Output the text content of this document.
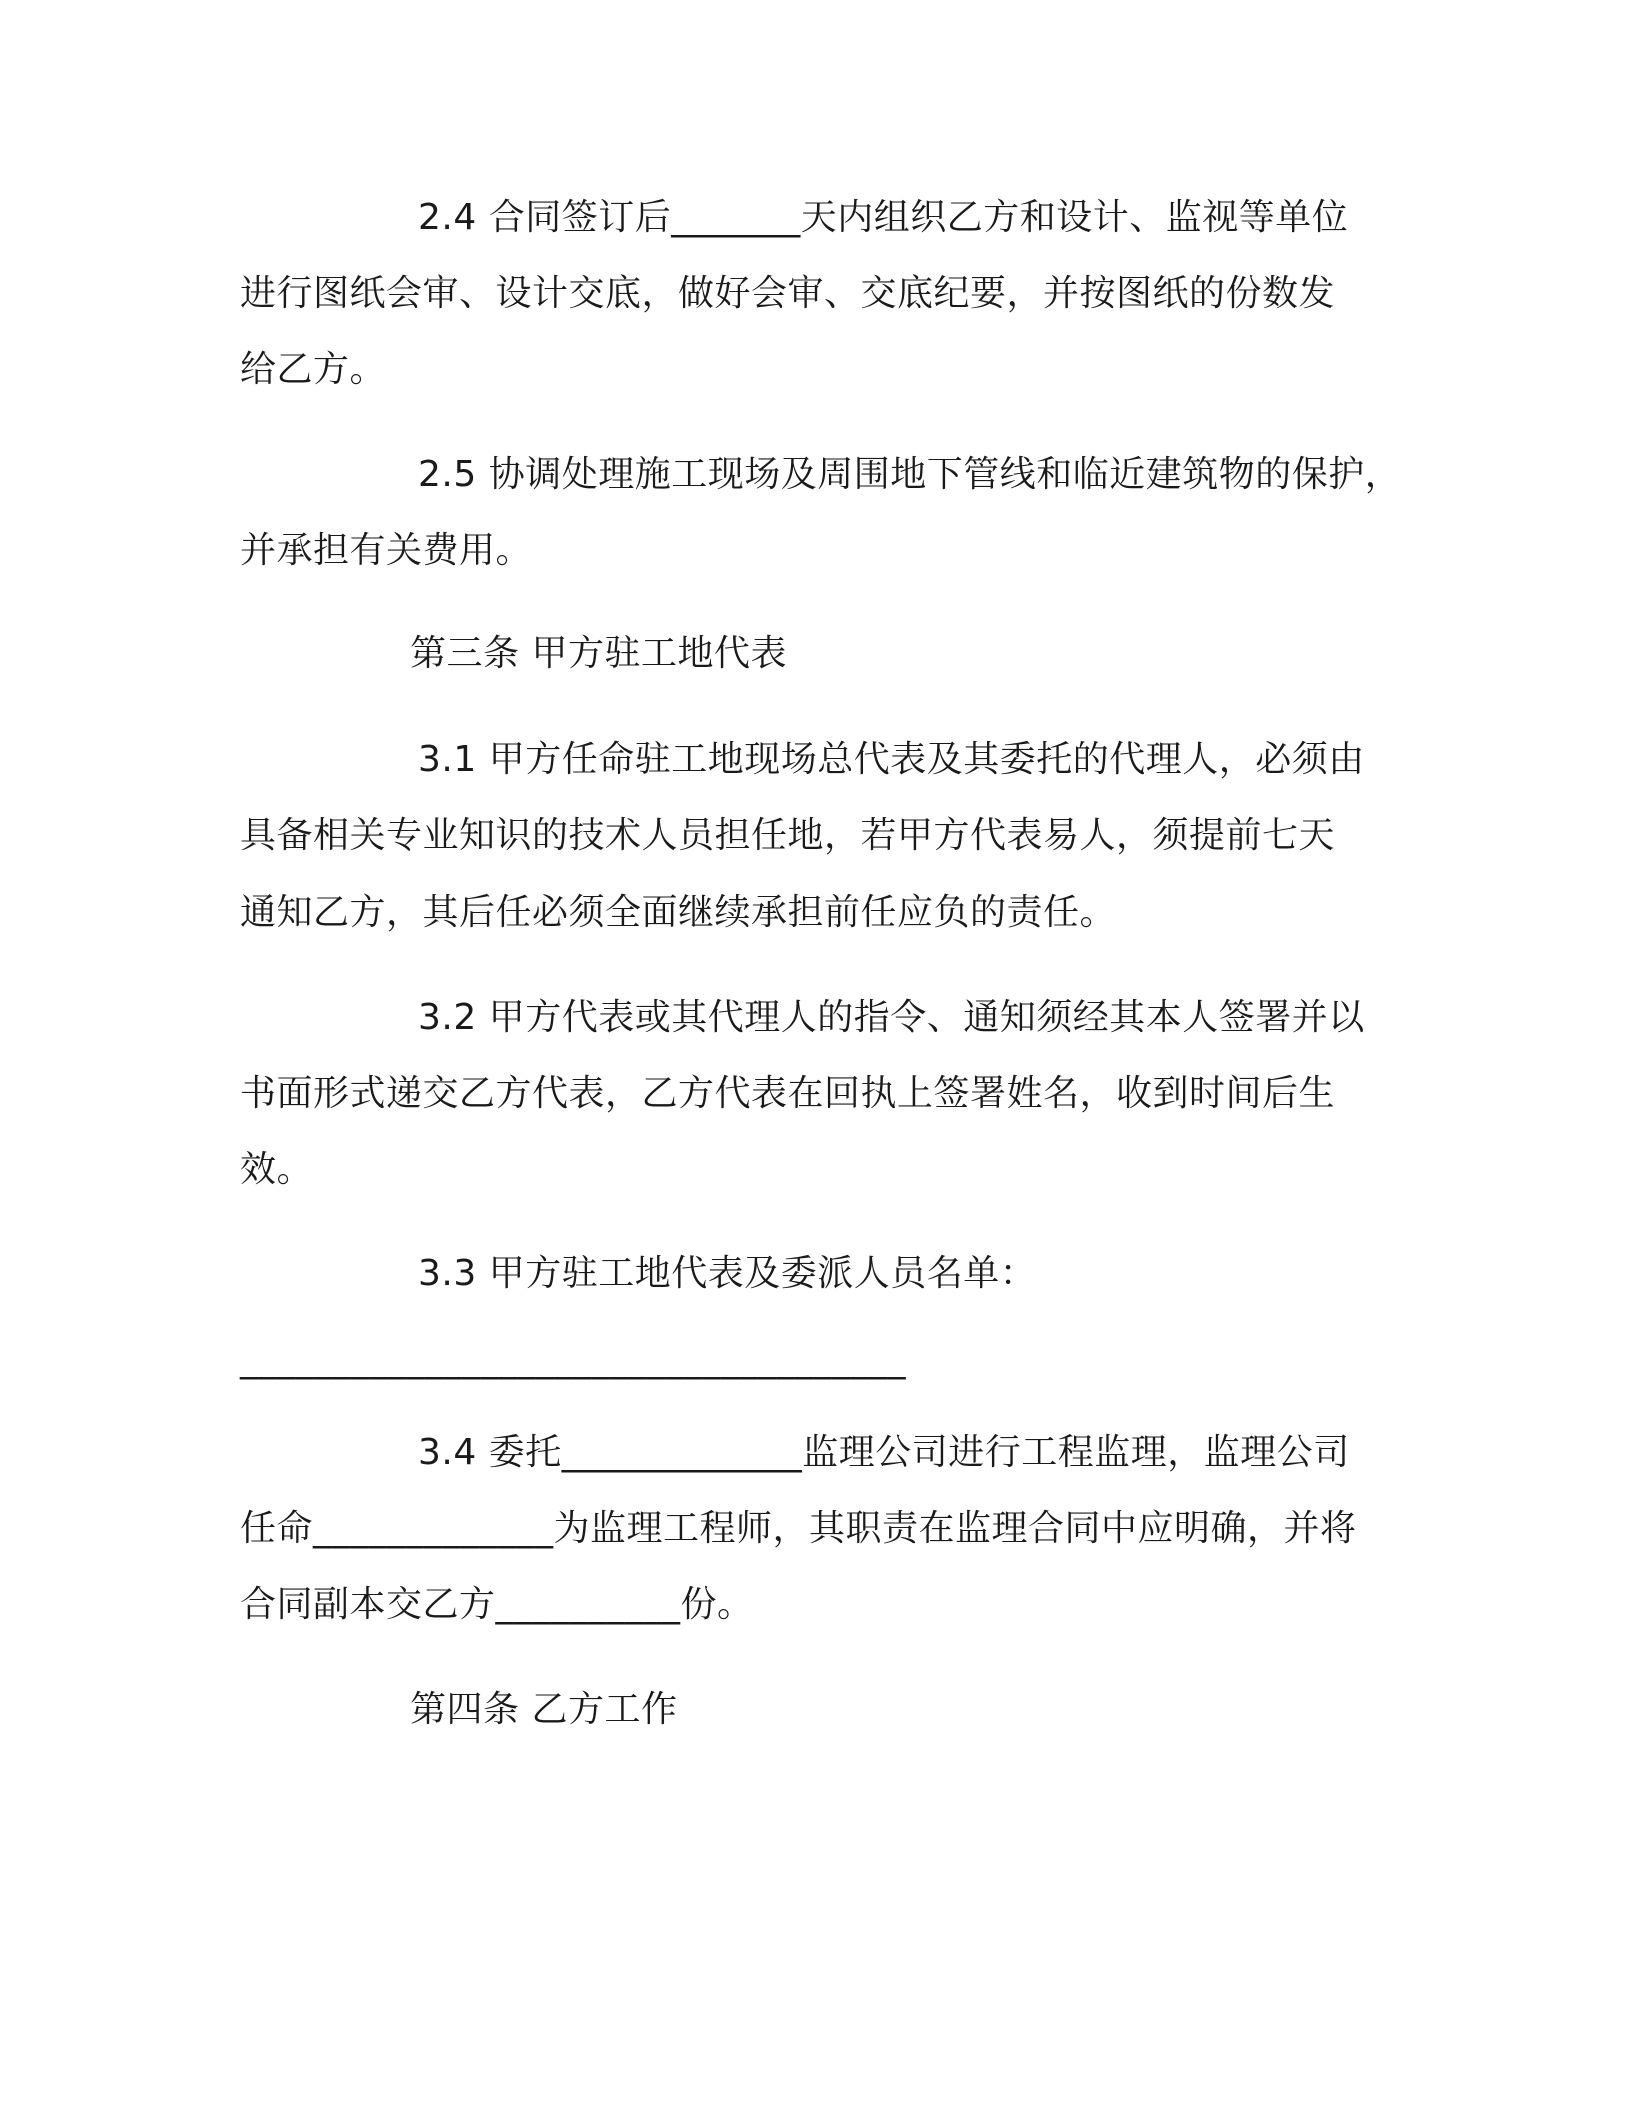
2.4 合同签订后_______天内组织乙方和设计、监视等单位
进行图纸会审、设计交底，做好会审、交底纪要，并按图纸的份数发
给乙方。
2.5 协调处理施工现场及周围地下管线和临近建筑物的保护，
并承担有关费用。
第三条 甲方驻工地代表
3.1 甲方任命驻工地现场总代表及其委托的代理人，必须由
具备相关专业知识的技术人员担任地，若甲方代表易人，须提前七天
通知乙方，其后任必须全面继续承担前任应负的责任。
3.2 甲方代表或其代理人的指令、通知须经其本人签署并以
书面形式递交乙方代表，乙方代表在回执上签署姓名，收到时间后生
效。
3.3 甲方驻工地代表及委派人员名单：
____________________________________
3.4 委托_____________监理公司进行工程监理，监理公司
任命_____________为监理工程师，其职责在监理合同中应明确，并将
合同副本交乙方__________份。
第四条 乙方工作
